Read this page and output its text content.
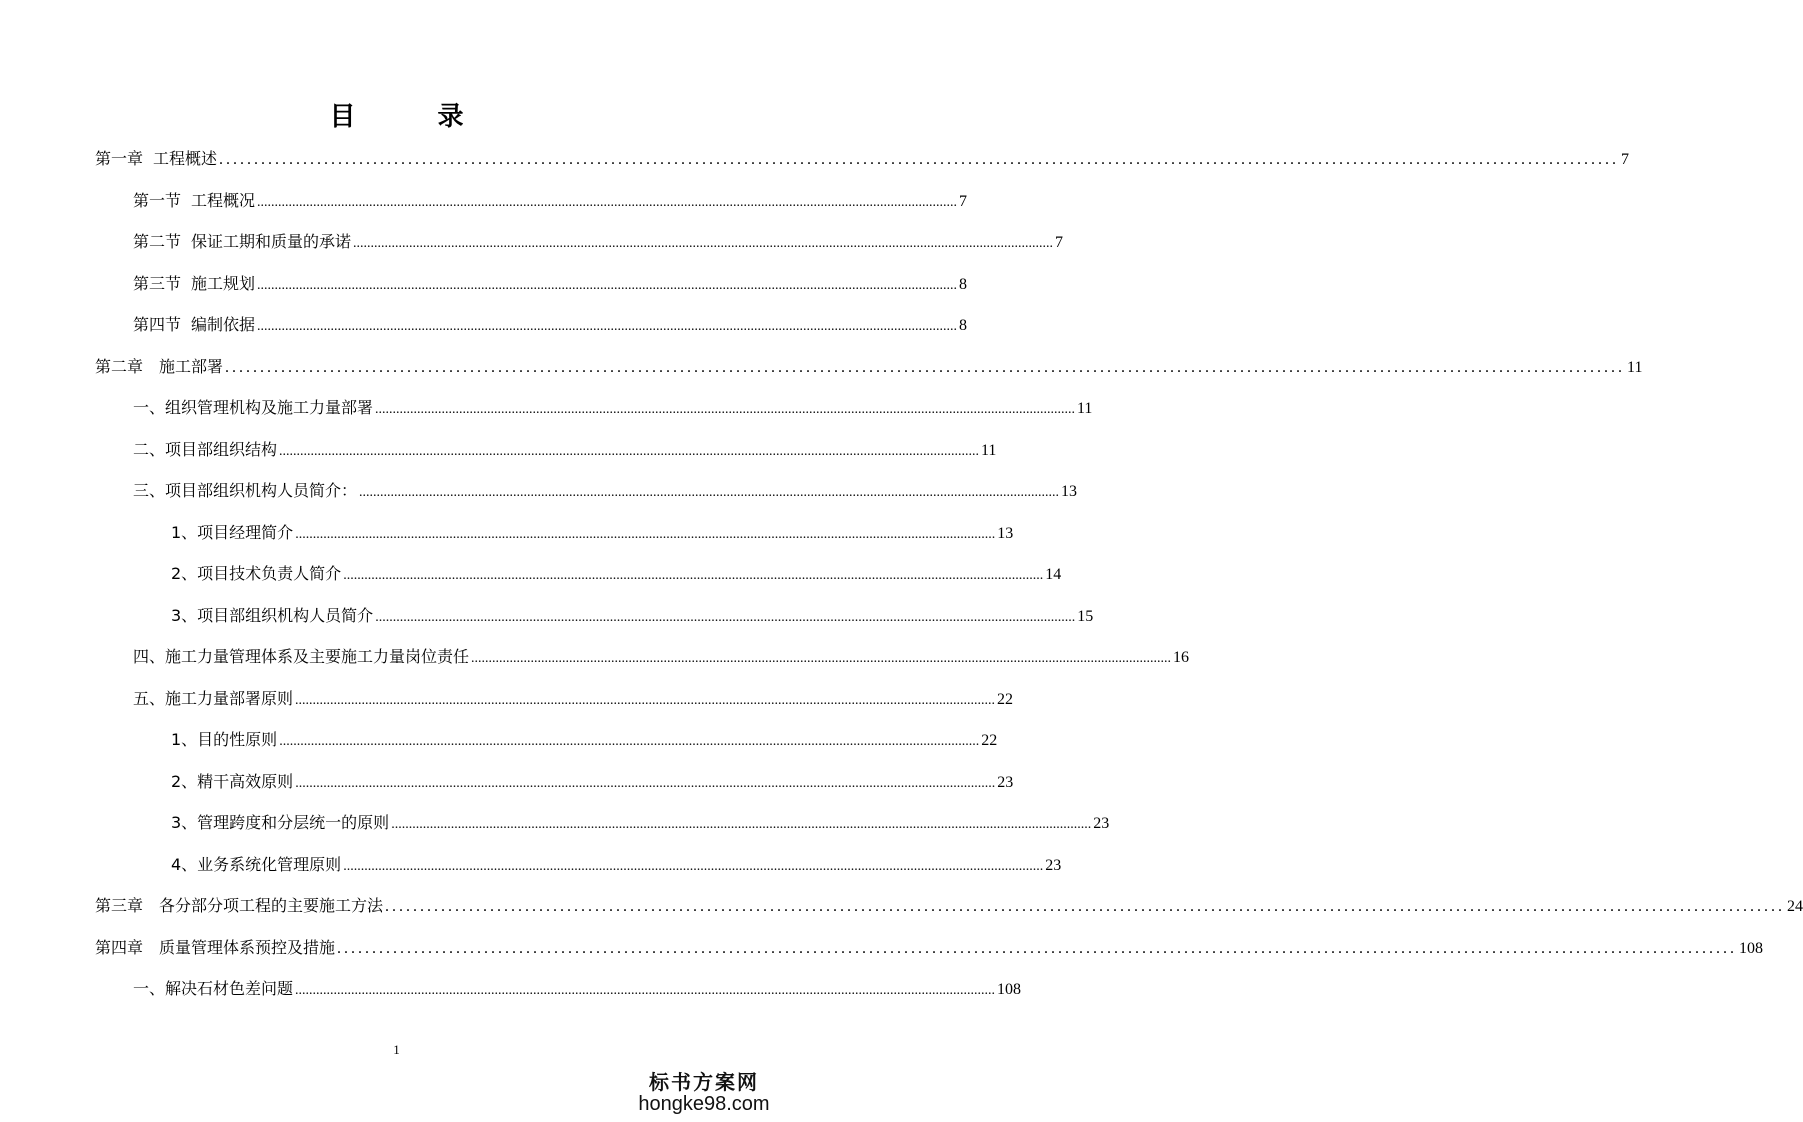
目　录
第一章 工程概述 ........................................................................................................................................................................................................ 7
第一节 工程概况 ........................................................................................................................................................................................................ 7
第二节 保证工期和质量的承诺 ........................................................................................................................................................................................................ 7
第三节 施工规划 ........................................................................................................................................................................................................ 8
第四节 编制依据 ........................................................................................................................................................................................................ 8
第二章 施工部署 ........................................................................................................................................................................................................ 11
一、组织管理机构及施工力量部署 ........................................................................................................................................................................................................ 11
二、项目部组织结构 ........................................................................................................................................................................................................ 11
三、项目部组织机构人员简介： ........................................................................................................................................................................................................ 13
1、项目经理简介 ........................................................................................................................................................................................................ 13
2、项目技术负责人简介 ........................................................................................................................................................................................................ 14
3、项目部组织机构人员简介 ........................................................................................................................................................................................................ 15
四、施工力量管理体系及主要施工力量岗位责任 ........................................................................................................................................................................................................ 16
五、施工力量部署原则 ........................................................................................................................................................................................................ 22
1、目的性原则 ........................................................................................................................................................................................................ 22
2、精干高效原则 ........................................................................................................................................................................................................ 23
3、管理跨度和分层统一的原则 ........................................................................................................................................................................................................ 23
4、业务系统化管理原则 ........................................................................................................................................................................................................ 23
第三章 各分部分项工程的主要施工方法 ........................................................................................................................................................................................................ 24
第四章 质量管理体系预控及措施 ........................................................................................................................................................................................................ 108
一、解决石材色差问题 ........................................................................................................................................................................................................ 108
1
标书方案网
hongke98.com
